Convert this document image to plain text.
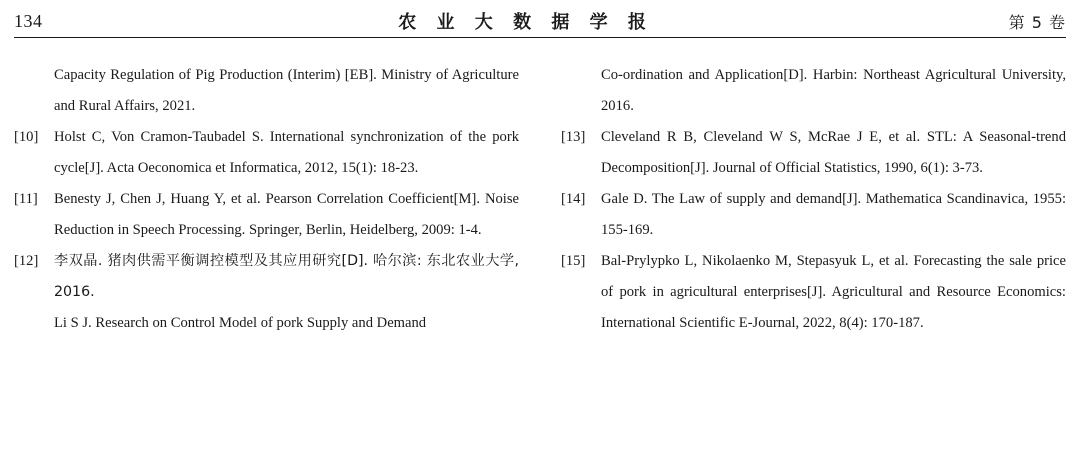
134	农 业 大 数 据 学 报	第 5 卷
Capacity Regulation of Pig Production (Interim) [EB]. Ministry of Agriculture and Rural Affairs, 2021.
[10]	Holst C, Von Cramon-Taubadel S. International synchronization of the pork cycle[J]. Acta Oeconomica et Informatica, 2012, 15(1): 18-23.
[11]	Benesty J, Chen J, Huang Y, et al. Pearson Correlation Coefficient[M]. Noise Reduction in Speech Processing. Springer, Berlin, Heidelberg, 2009: 1-4.
[12]	李双晶. 猪肉供需平衡调控模型及其应用研究[D]. 哈尔滨: 东北农业大学, 2016.
Li S J. Research on Control Model of pork Supply and Demand
Co-ordination and Application[D]. Harbin: Northeast Agricultural University, 2016.
[13]	Cleveland R B, Cleveland W S, McRae J E, et al. STL: A Seasonal-trend Decomposition[J]. Journal of Official Statistics, 1990, 6(1): 3-73.
[14]	Gale D. The Law of supply and demand[J]. Mathematica Scandinavica, 1955: 155-169.
[15]	Bal-Prylypko L, Nikolaenko M, Stepasyuk L, et al. Forecasting the sale price of pork in agricultural enterprises[J]. Agricultural and Resource Economics: International Scientific E-Journal, 2022, 8(4): 170-187.
